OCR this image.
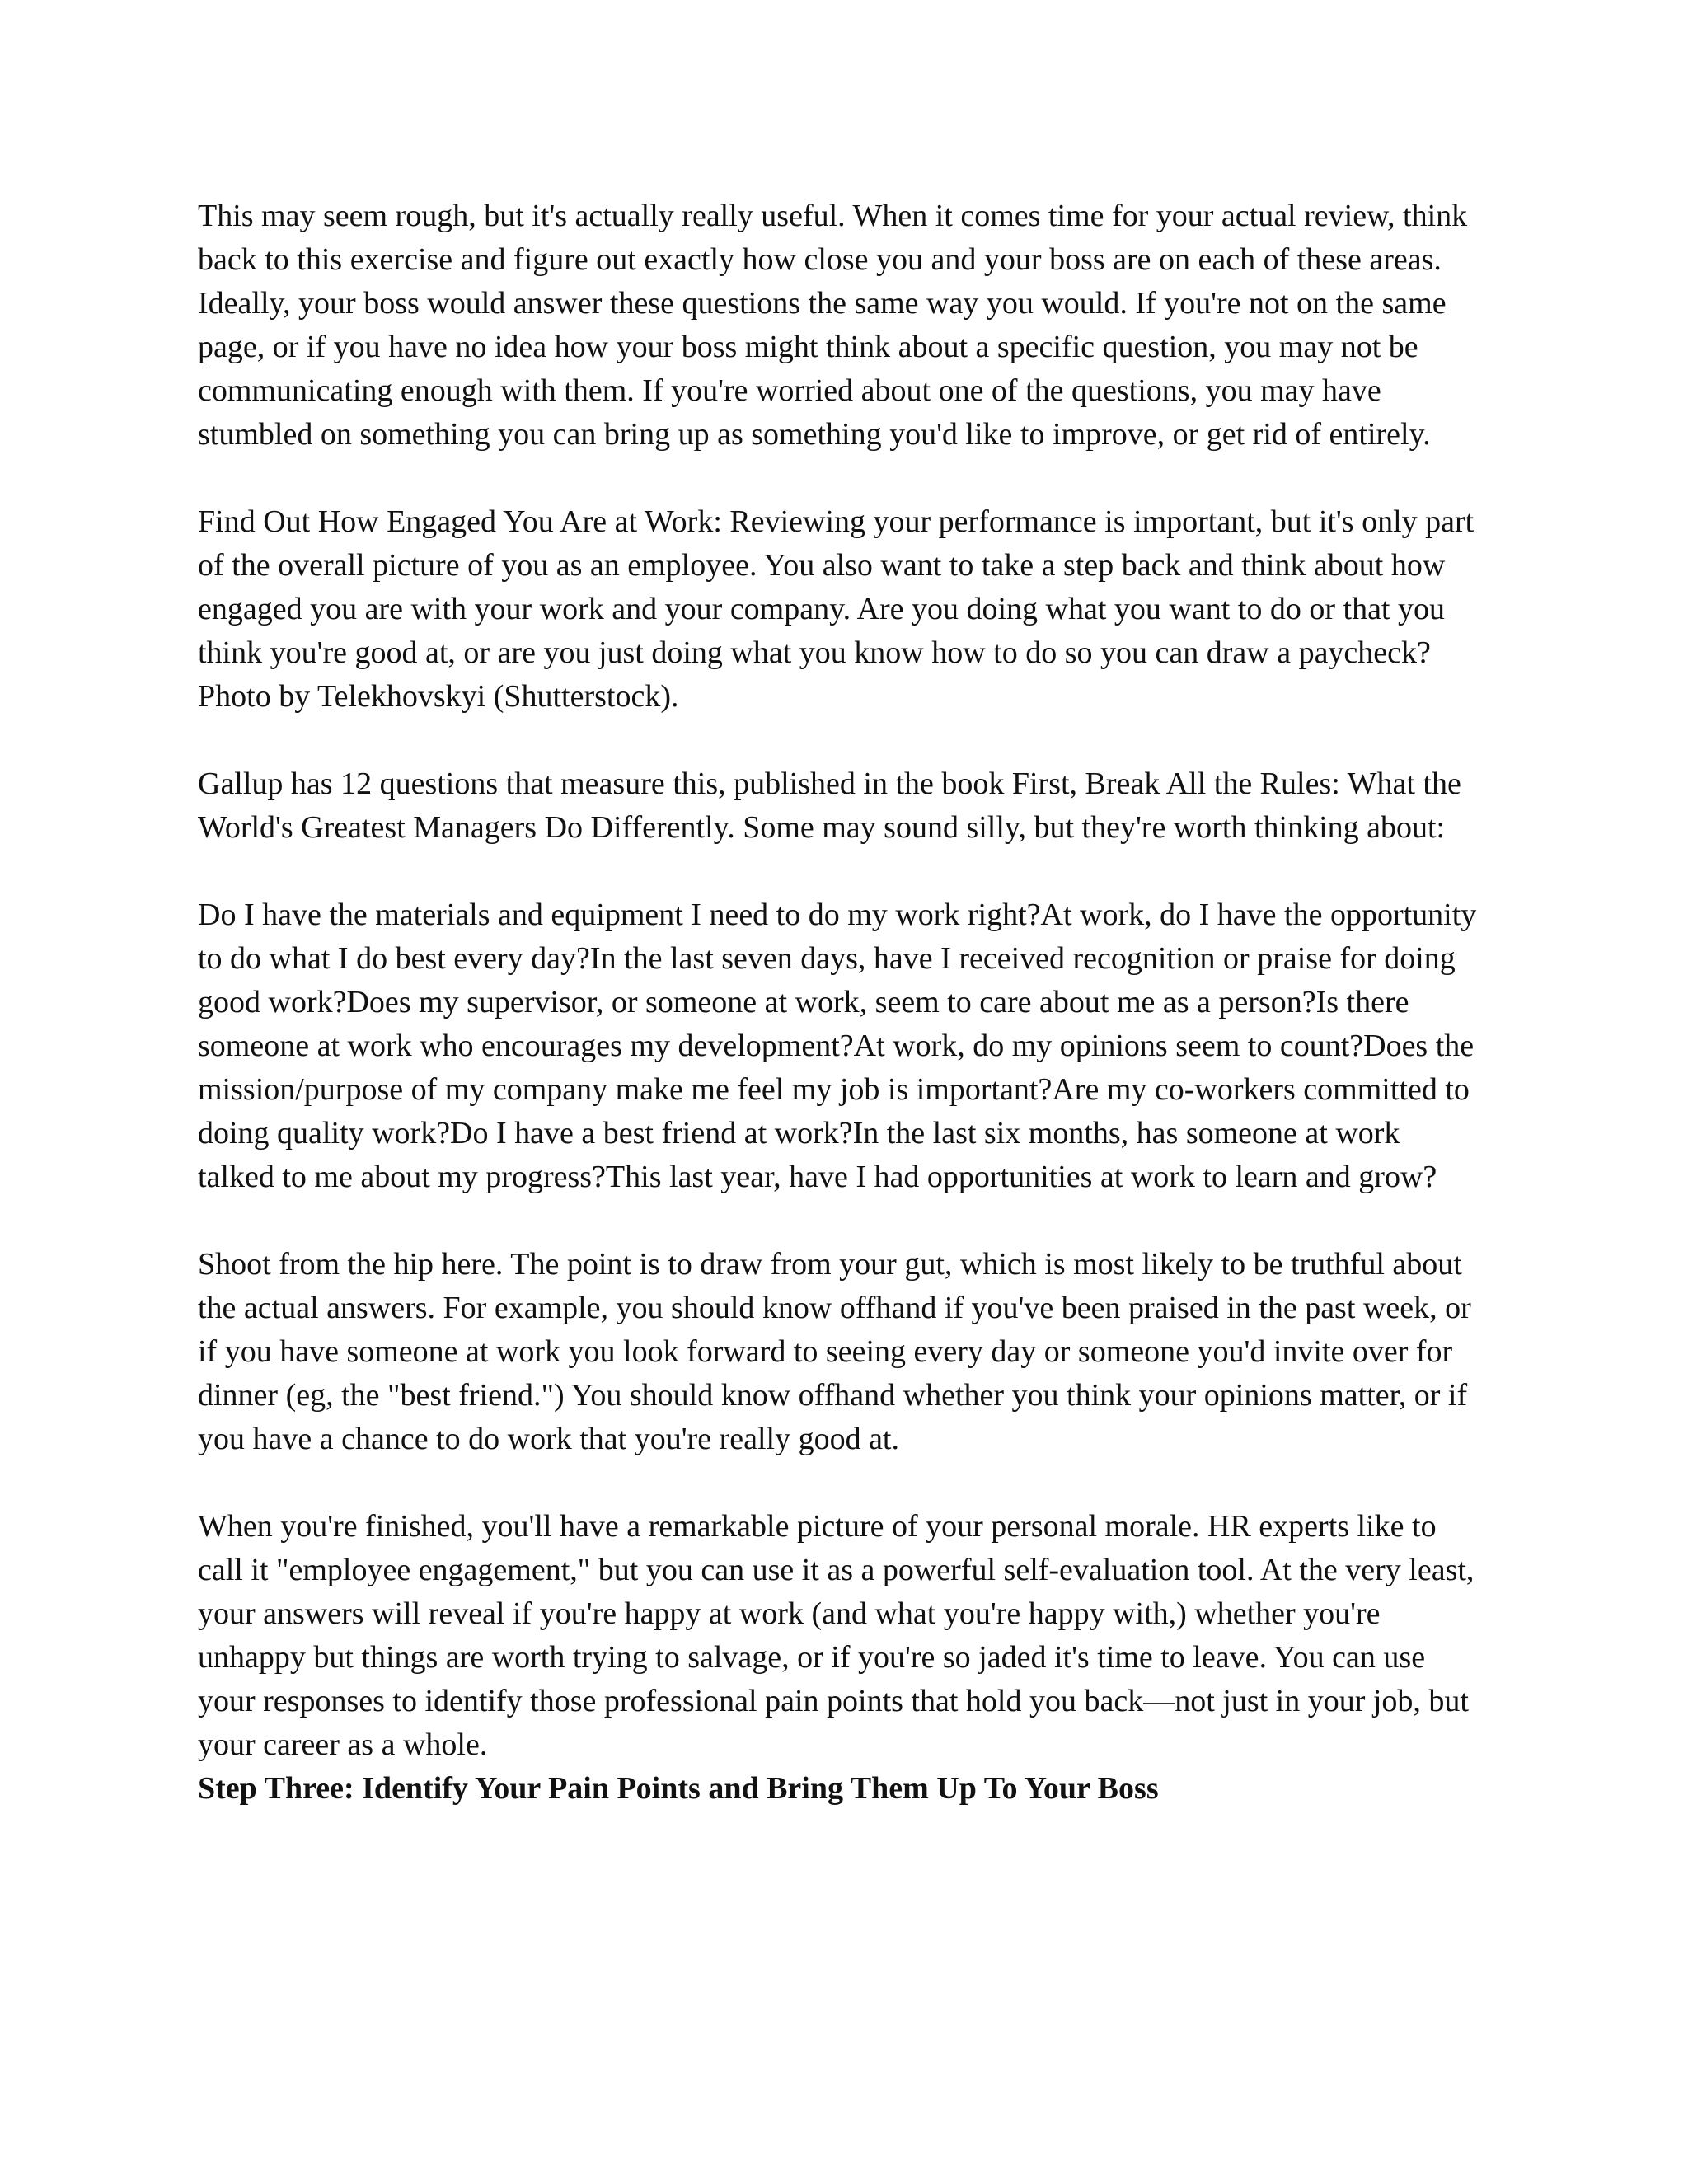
This may seem rough, but it's actually really useful. When it comes time for your actual review, think back to this exercise and figure out exactly how close you and your boss are on each of these areas. Ideally, your boss would answer these questions the same way you would. If you're not on the same page, or if you have no idea how your boss might think about a specific question, you may not be communicating enough with them. If you're worried about one of the questions, you may have stumbled on something you can bring up as something you'd like to improve, or get rid of entirely.

Find Out How Engaged You Are at Work: Reviewing your performance is important, but it's only part of the overall picture of you as an employee. You also want to take a step back and think about how engaged you are with your work and your company. Are you doing what you want to do or that you think you're good at, or are you just doing what you know how to do so you can draw a paycheck? Photo by Telekhovskyi (Shutterstock).

Gallup has 12 questions that measure this, published in the book First, Break All the Rules: What the World's Greatest Managers Do Differently. Some may sound silly, but they're worth thinking about:

Do I have the materials and equipment I need to do my work right?At work, do I have the opportunity to do what I do best every day?In the last seven days, have I received recognition or praise for doing good work?Does my supervisor, or someone at work, seem to care about me as a person?Is there someone at work who encourages my development?At work, do my opinions seem to count?Does the mission/purpose of my company make me feel my job is important?Are my co-workers committed to doing quality work?Do I have a best friend at work?In the last six months, has someone at work talked to me about my progress?This last year, have I had opportunities at work to learn and grow?

Shoot from the hip here. The point is to draw from your gut, which is most likely to be truthful about the actual answers. For example, you should know offhand if you've been praised in the past week, or if you have someone at work you look forward to seeing every day or someone you'd invite over for dinner (eg, the "best friend.") You should know offhand whether you think your opinions matter, or if you have a chance to do work that you're really good at.

When you're finished, you'll have a remarkable picture of your personal morale. HR experts like to call it "employee engagement," but you can use it as a powerful self-evaluation tool. At the very least, your answers will reveal if you're happy at work (and what you're happy with,) whether you're unhappy but things are worth trying to salvage, or if you're so jaded it's time to leave. You can use your responses to identify those professional pain points that hold you back—not just in your job, but your career as a whole.

Step Three: Identify Your Pain Points and Bring Them Up To Your Boss
